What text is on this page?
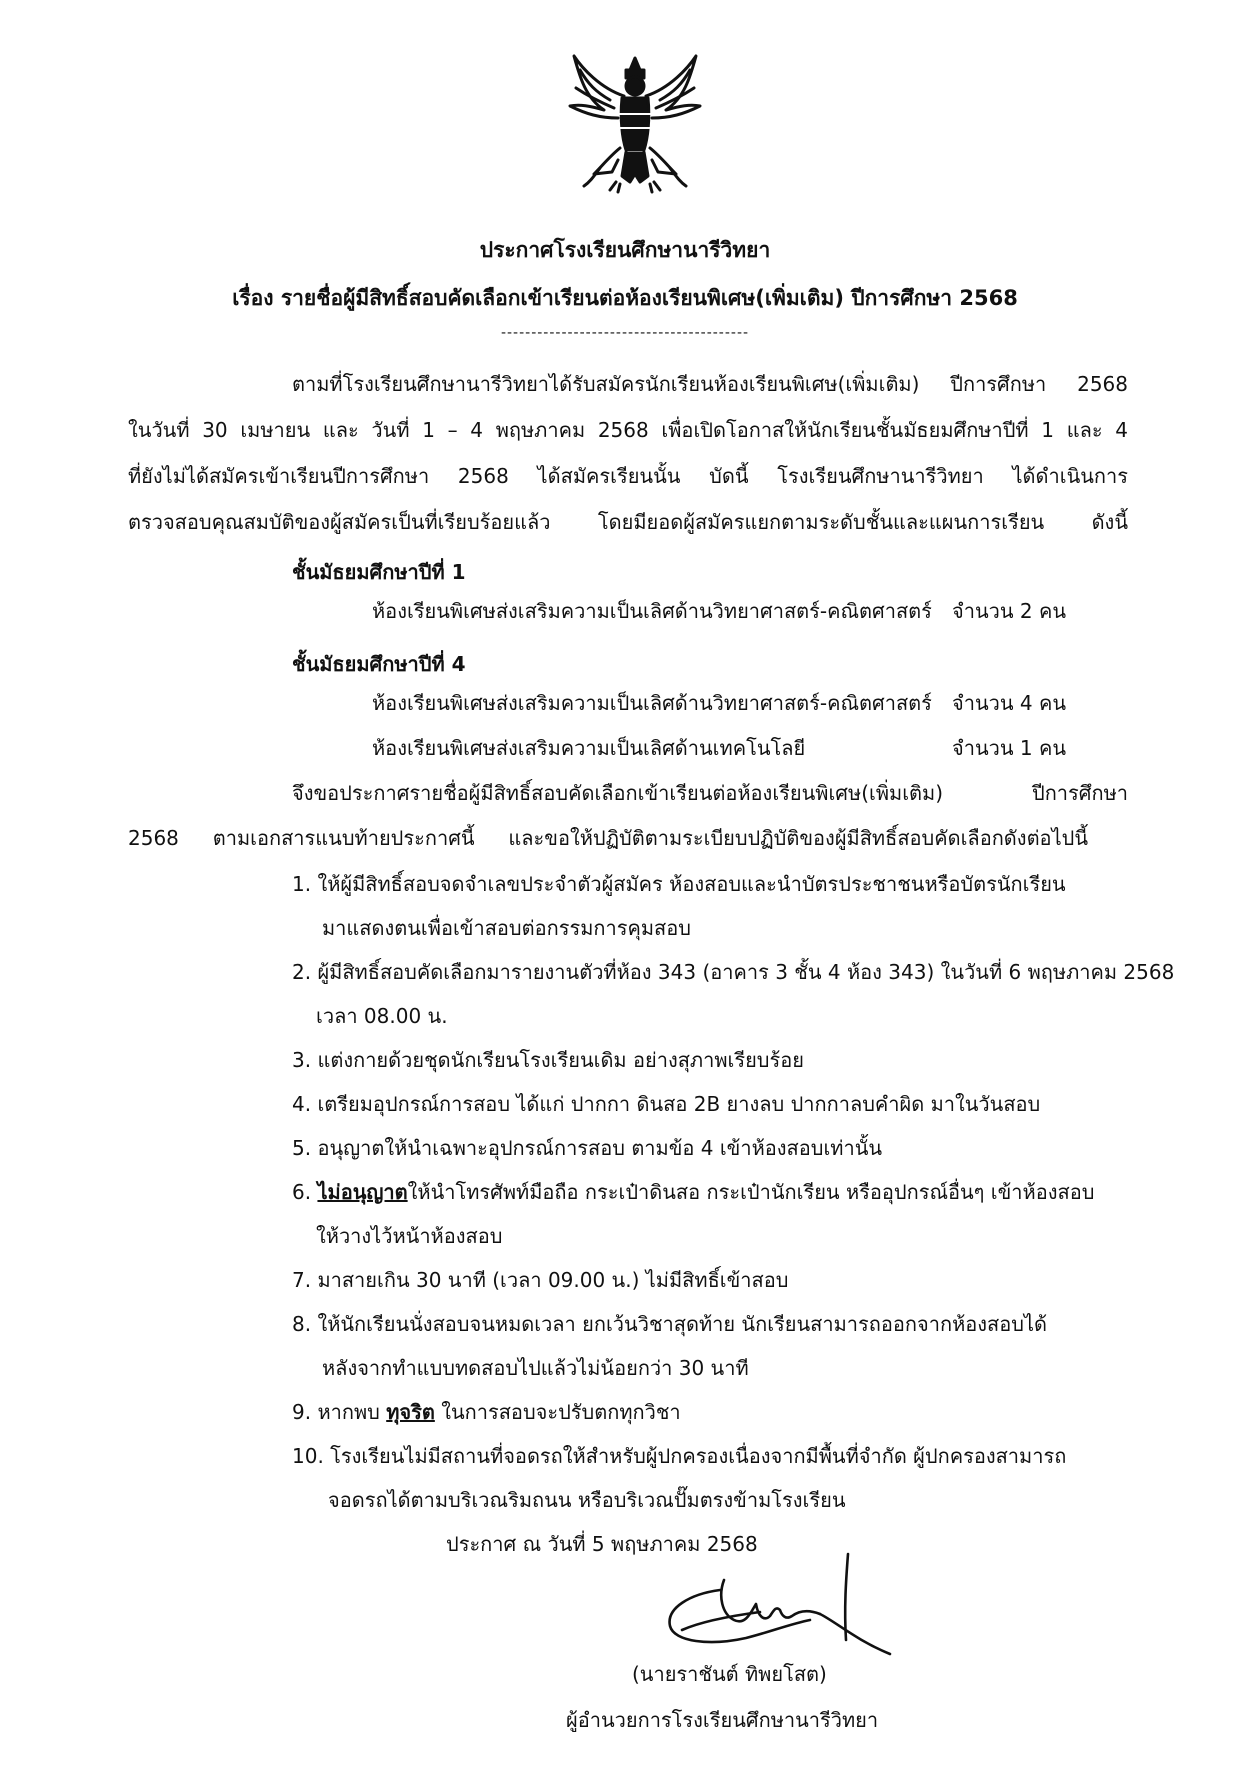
ประกาศโรงเรียนศึกษานารีวิทยา
เรื่อง รายชื่อผู้มีสิทธิ์สอบคัดเลือกเข้าเรียนต่อห้องเรียนพิเศษ(เพิ่มเติม) ปีการศึกษา 2568
-----------------------------------------
ตามที่โรงเรียนศึกษานารีวิทยาได้รับสมัครนักเรียนห้องเรียนพิเศษ(เพิ่มเติม) ปีการศึกษา 2568
ในวันที่ 30 เมษายน และ วันที่ 1 – 4 พฤษภาคม 2568 เพื่อเปิดโอกาสให้นักเรียนชั้นมัธยมศึกษาปีที่ 1 และ 4
ที่ยังไม่ได้สมัครเข้าเรียนปีการศึกษา 2568 ได้สมัครเรียนนั้น บัดนี้ โรงเรียนศึกษานารีวิทยา ได้ดำเนินการ
ตรวจสอบคุณสมบัติของผู้สมัครเป็นที่เรียบร้อยแล้ว โดยมียอดผู้สมัครแยกตามระดับชั้นและแผนการเรียน ดังนี้
ชั้นมัธยมศึกษาปีที่ 1
ห้องเรียนพิเศษส่งเสริมความเป็นเลิศด้านวิทยาศาสตร์-คณิตศาสตร์ จำนวน 2 คน
ชั้นมัธยมศึกษาปีที่ 4
ห้องเรียนพิเศษส่งเสริมความเป็นเลิศด้านวิทยาศาสตร์-คณิตศาสตร์ จำนวน 4 คน
ห้องเรียนพิเศษส่งเสริมความเป็นเลิศด้านเทคโนโลยี	จำนวน 1 คน
จึงขอประกาศรายชื่อผู้มีสิทธิ์สอบคัดเลือกเข้าเรียนต่อห้องเรียนพิเศษ(เพิ่มเติม) ปีการศึกษา
2568 ตามเอกสารแนบท้ายประกาศนี้ และขอให้ปฏิบัติตามระเบียบปฏิบัติของผู้มีสิทธิ์สอบคัดเลือกดังต่อไปนี้
1. ให้ผู้มีสิทธิ์สอบจดจำเลขประจำตัวผู้สมัคร ห้องสอบและนำบัตรประชาชนหรือบัตรนักเรียน
มาแสดงตนเพื่อเข้าสอบต่อกรรมการคุมสอบ
2. ผู้มีสิทธิ์สอบคัดเลือกมารายงานตัวที่ห้อง 343 (อาคาร 3 ชั้น 4 ห้อง 343) ในวันที่ 6 พฤษภาคม 2568
เวลา 08.00 น.
3. แต่งกายด้วยชุดนักเรียนโรงเรียนเดิม อย่างสุภาพเรียบร้อย
4. เตรียมอุปกรณ์การสอบ ได้แก่ ปากกา ดินสอ 2B ยางลบ ปากกาลบคำผิด มาในวันสอบ
5. อนุญาตให้นำเฉพาะอุปกรณ์การสอบ ตามข้อ 4 เข้าห้องสอบเท่านั้น
6. ไม่อนุญาตให้นำโทรศัพท์มือถือ กระเป๋าดินสอ กระเป๋านักเรียน หรืออุปกรณ์อื่นๆ เข้าห้องสอบ
ให้วางไว้หน้าห้องสอบ
7. มาสายเกิน 30 นาที (เวลา 09.00 น.) ไม่มีสิทธิ์เข้าสอบ
8. ให้นักเรียนนั่งสอบจนหมดเวลา ยกเว้นวิชาสุดท้าย นักเรียนสามารถออกจากห้องสอบได้
หลังจากทำแบบทดสอบไปแล้วไม่น้อยกว่า 30 นาที
9. หากพบ ทุจริต ในการสอบจะปรับตกทุกวิชา
10. โรงเรียนไม่มีสถานที่จอดรถให้สำหรับผู้ปกครองเนื่องจากมีพื้นที่จำกัด ผู้ปกครองสามารถ
จอดรถได้ตามบริเวณริมถนน หรือบริเวณปั๊มตรงข้ามโรงเรียน
ประกาศ ณ วันที่ 5 พฤษภาคม 2568
(นายราชันต์ ทิพยโสต)
ผู้อำนวยการโรงเรียนศึกษานารีวิทยา
